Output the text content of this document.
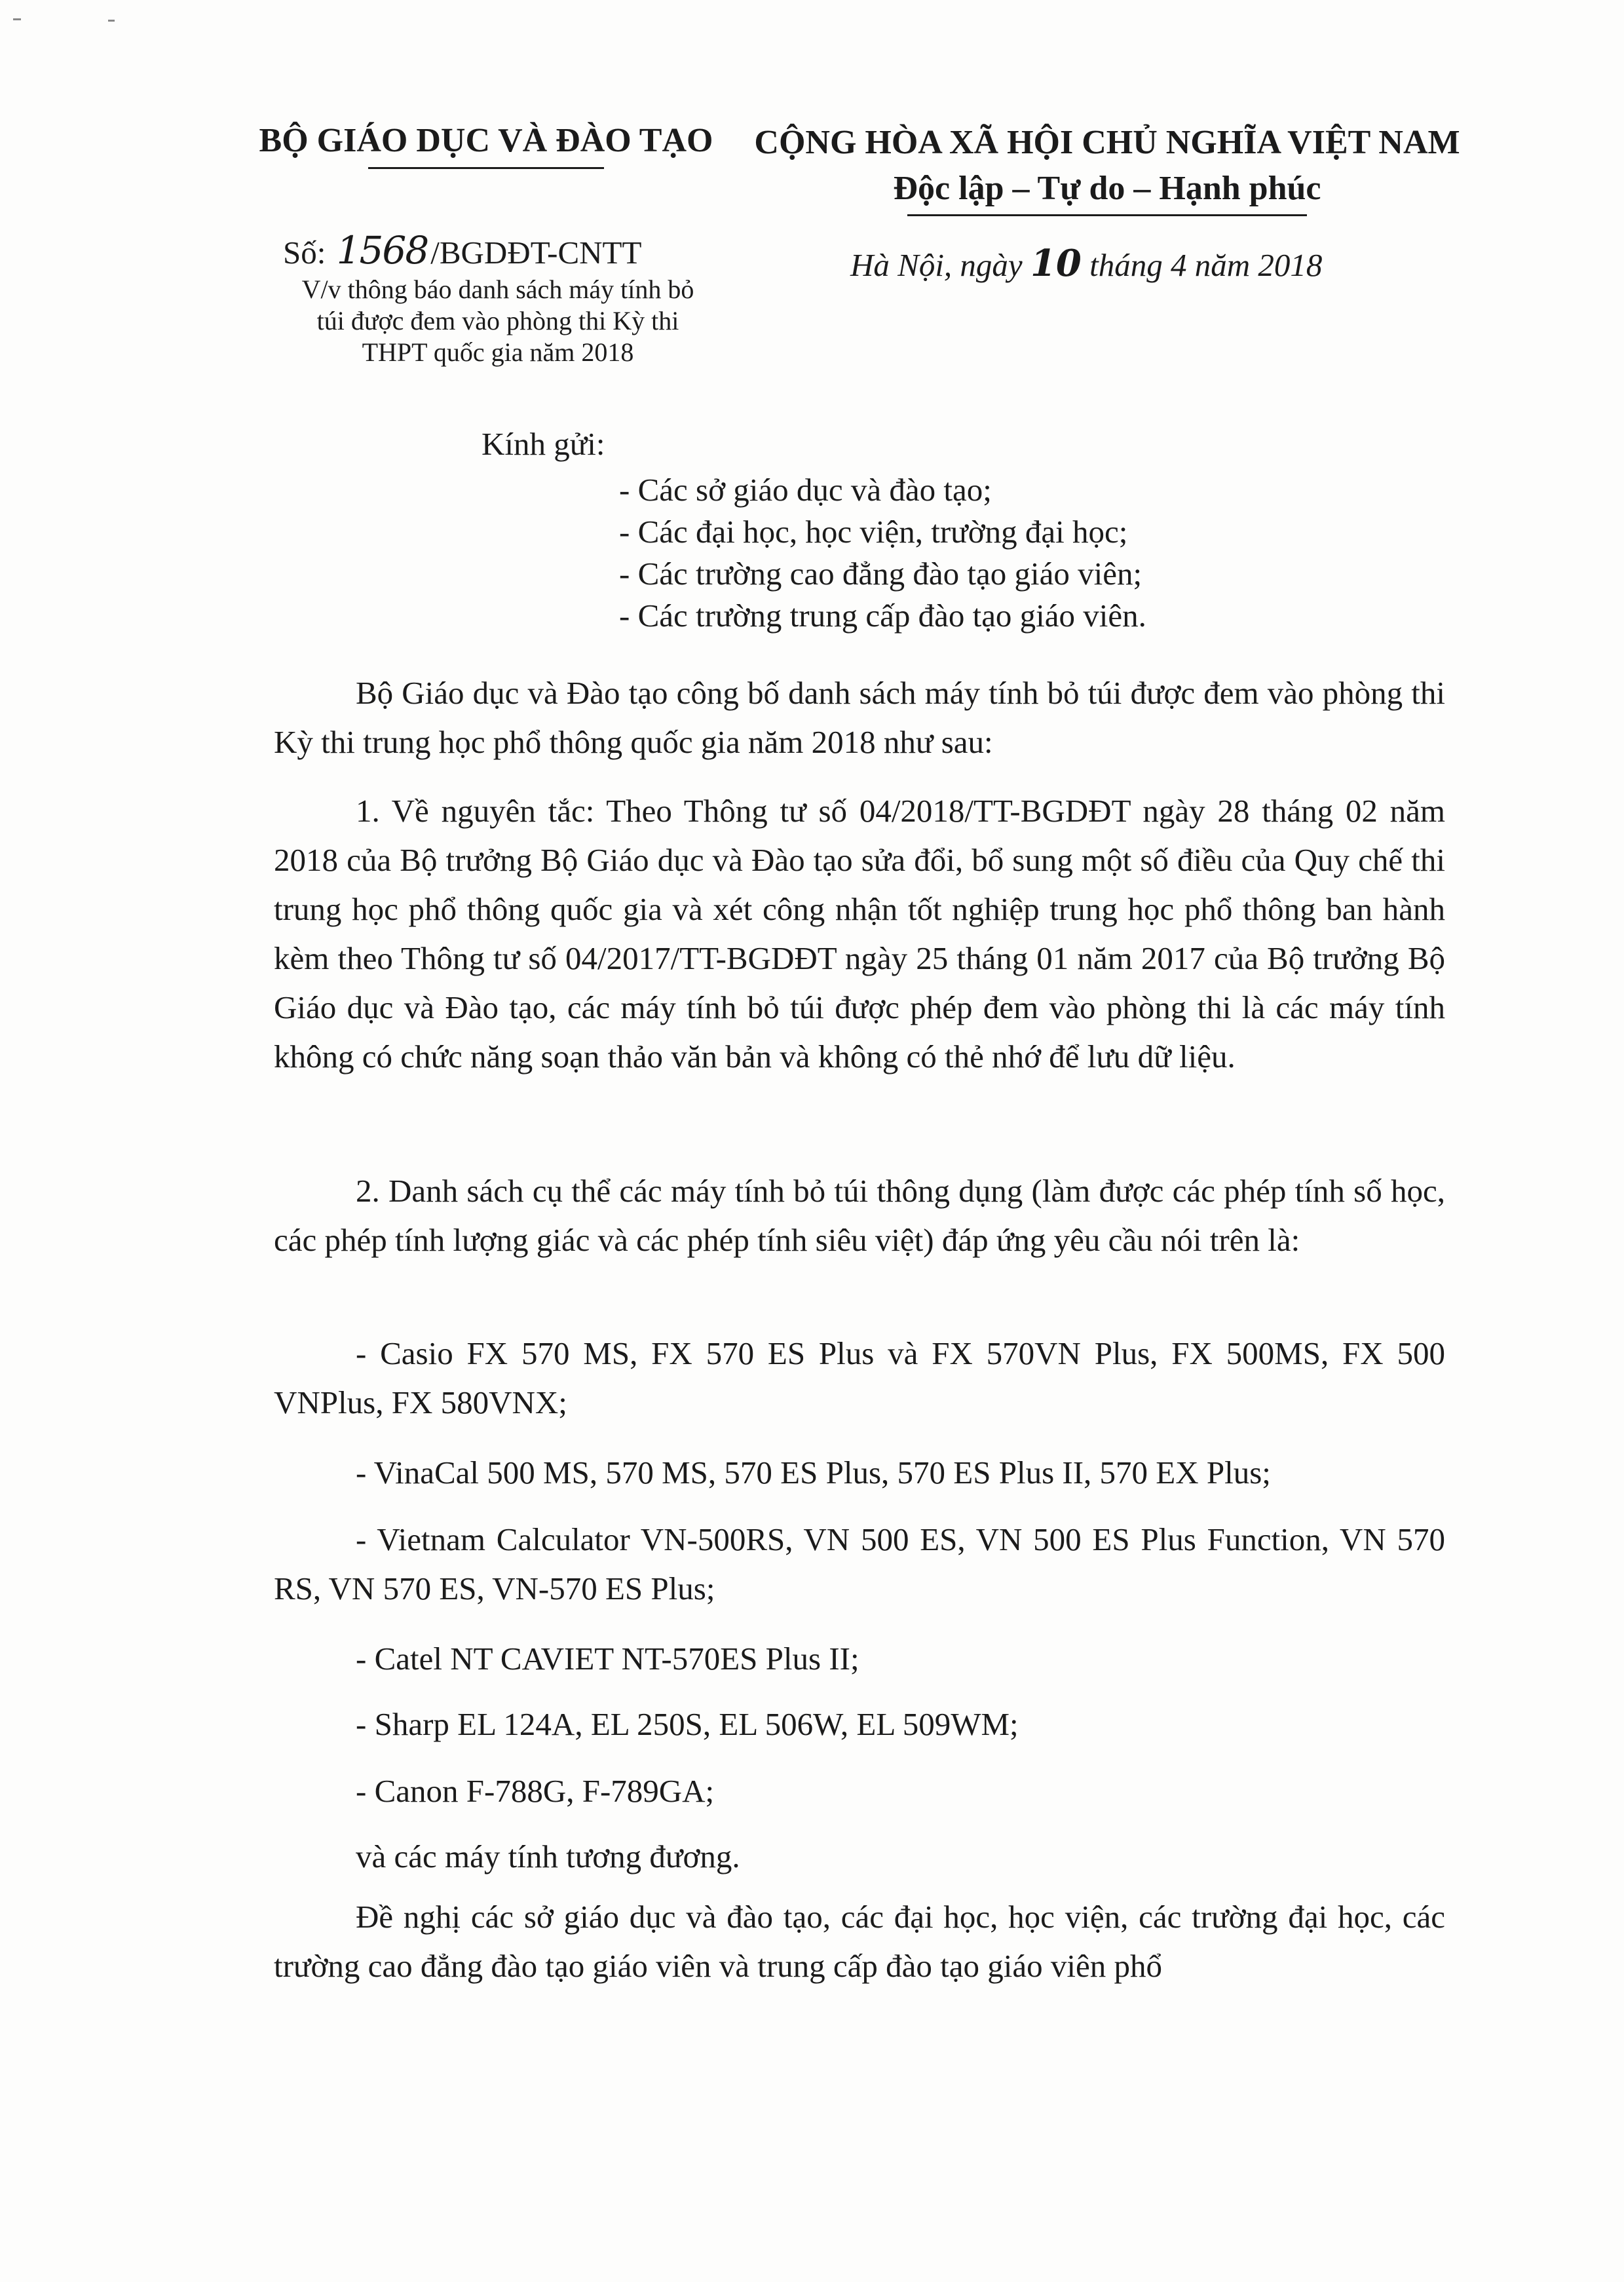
BỘ GIÁO DỤC VÀ ĐÀO TẠO CỘNG HÒA XÃ HỘI CHỦ NGHĨA VIỆT NAM
Độc lập – Tự do – Hạnh phúc
Số: 1568/BGDĐT-CNTT
V/v thông báo danh sách máy tính bỏ
túi được đem vào phòng thi Kỳ thi
THPT quốc gia năm 2018
Hà Nội, ngày 10 tháng 4 năm 2018
Kính gửi:
- Các sở giáo dục và đào tạo;
- Các đại học, học viện, trường đại học;
- Các trường cao đẳng đào tạo giáo viên;
- Các trường trung cấp đào tạo giáo viên.

Bộ Giáo dục và Đào tạo công bố danh sách máy tính bỏ túi được đem vào phòng thi Kỳ thi trung học phổ thông quốc gia năm 2018 như sau:

1. Về nguyên tắc: Theo Thông tư số 04/2018/TT-BGDĐT ngày 28 tháng 02 năm 2018 của Bộ trưởng Bộ Giáo dục và Đào tạo sửa đổi, bổ sung một số điều của Quy chế thi trung học phổ thông quốc gia và xét công nhận tốt nghiệp trung học phổ thông ban hành kèm theo Thông tư số 04/2017/TT-BGDĐT ngày 25 tháng 01 năm 2017 của Bộ trưởng Bộ Giáo dục và Đào tạo, các máy tính bỏ túi được phép đem vào phòng thi là các máy tính không có chức năng soạn thảo văn bản và không có thẻ nhớ để lưu dữ liệu.

2. Danh sách cụ thể các máy tính bỏ túi thông dụng (làm được các phép tính số học, các phép tính lượng giác và các phép tính siêu việt) đáp ứng yêu cầu nói trên là:

- Casio FX 570 MS, FX 570 ES Plus và FX 570VN Plus, FX 500MS, FX 500 VNPlus, FX 580VNX;

- VinaCal 500 MS, 570 MS, 570 ES Plus, 570 ES Plus II, 570 EX Plus;

- Vietnam Calculator VN-500RS, VN 500 ES, VN 500 ES Plus Function, VN 570 RS, VN 570 ES, VN-570 ES Plus;

- Catel NT CAVIET NT-570ES Plus II;

- Sharp EL 124A, EL 250S, EL 506W, EL 509WM;

- Canon F-788G, F-789GA;

và các máy tính tương đương.

Đề nghị các sở giáo dục và đào tạo, các đại học, học viện, các trường đại học, các trường cao đẳng đào tạo giáo viên và trung cấp đào tạo giáo viên phổ
